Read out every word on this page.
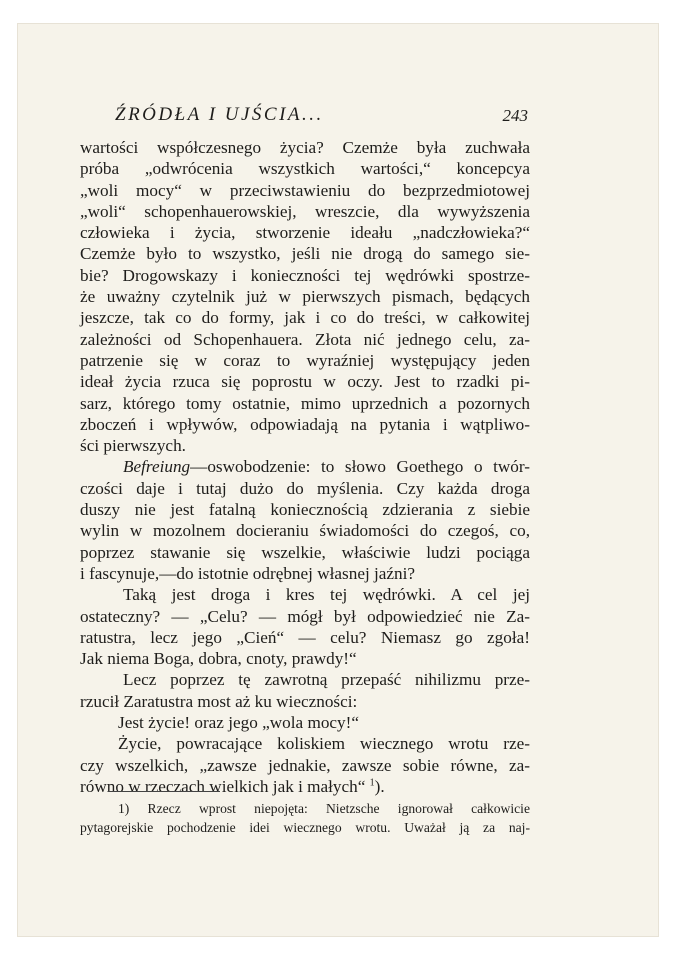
ŹRÓDŁA I UJŚCIA...	243
wartości współczesnego życia? Czemże była zuchwała
próba „odwrócenia wszystkich wartości,“ koncepcya
„woli mocy“ w przeciwstawieniu do bezprzedmiotowej
„woli“ schopenhauerowskiej, wreszcie, dla wywyższenia
człowieka i życia, stworzenie ideału „nadczłowieka?“
Czemże było to wszystko, jeśli nie drogą do samego sie-
bie? Drogowskazy i konieczności tej wędrówki spostrze-
że uważny czytelnik już w pierwszych pismach, będących
jeszcze, tak co do formy, jak i co do treści, w całkowitej
zależności od Schopenhauera. Złota nić jednego celu, za-
patrzenie się w coraz to wyraźniej występujący jeden
ideał życia rzuca się poprostu w oczy. Jest to rzadki pi-
sarz, którego tomy ostatnie, mimo uprzednich a pozornych
zboczeń i wpływów, odpowiadają na pytania i wątpliwo-
ści pierwszych.
Befreiung—oswobodzenie: to słowo Goethego o twór-
czości daje i tutaj dużo do myślenia. Czy każda droga
duszy nie jest fatalną koniecznością zdzierania z siebie
wylin w mozolnem docieraniu świadomości do czegoś, co,
poprzez stawanie się wszelkie, właściwie ludzi pociąga
i fascynuje,—do istotnie odrębnej własnej jaźni?
Taką jest droga i kres tej wędrówki. A cel jej
ostateczny? — „Celu? — mógł był odpowiedzieć nie Za-
ratustra, lecz jego „Cień“ — celu? Niemasz go zgoła!
Jak niema Boga, dobra, cnoty, prawdy!“
Lecz poprzez tę zawrotną przepaść nihilizmu prze-
rzucił Zaratustra most aż ku wieczności:
Jest życie! oraz jego „wola mocy!“
Życie, powracające koliskiem wiecznego wrotu rze-
czy wszelkich, „zawsze jednakie, zawsze sobie równe, za-
równo w rzeczach wielkich jak i małych“ $^1$).
1) Rzecz wprost niepojęta: Nietzsche ignorował całkowicie
pytagorejskie pochodzenie idei wiecznego wrotu. Uważał ją za naj-
